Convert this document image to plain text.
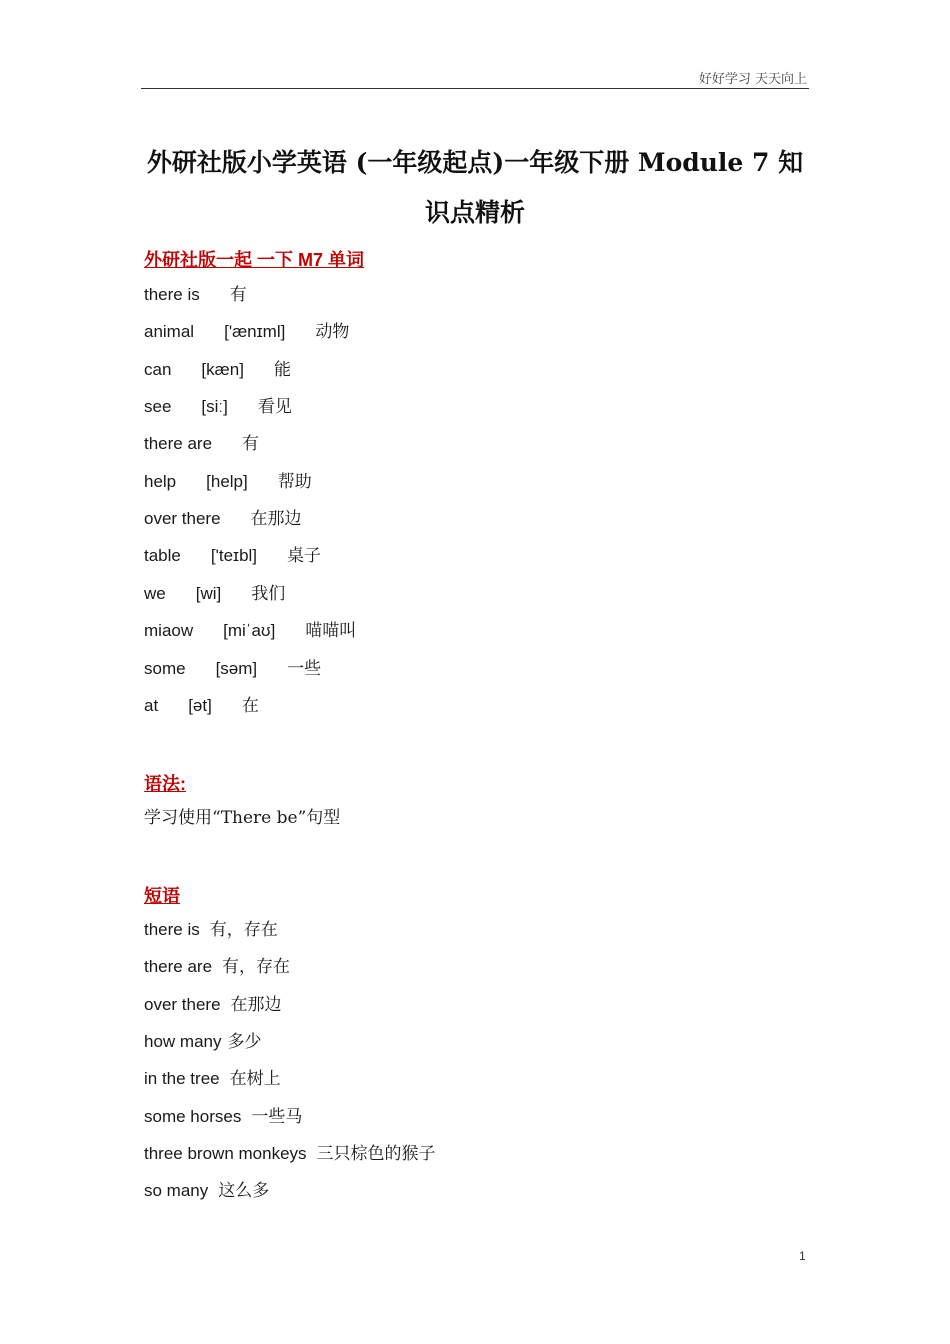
好好学习 天天向上
外研社版小学英语 (一年级起点)一年级下册 Module 7 知
识点精析
外研社版一起 一下 M7 单词
there is 有
animal ['ænɪml] 动物
can [kæn] 能
see [siː] 看见
there are 有
help [help] 帮助
over there 在那边
table ['teɪbl] 桌子
we [wi] 我们
miaow [miˈaʊ] 喵喵叫
some [səm] 一些
at [ət] 在
语法:
学习使用“There be”句型
短语
there is 有，存在
there are 有，存在
over there 在那边
how many 多少
in the tree 在树上
some horses 一些马
three brown monkeys 三只棕色的猴子
so many 这么多
1
